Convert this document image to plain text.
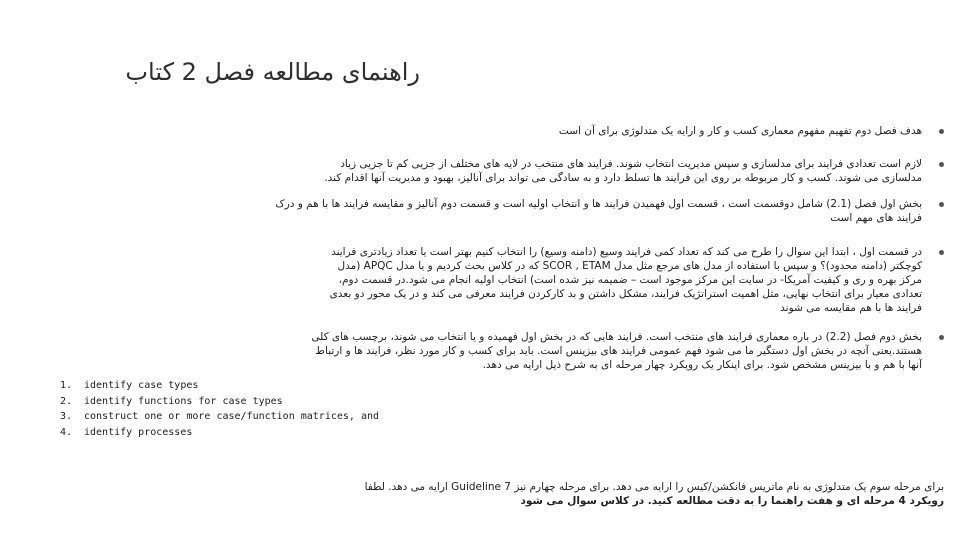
راهنمای مطالعه فصل 2 کتاب
هدف فصل دوم تفهیم مفهوم معماری کسب و کار و ارایه یک متدلوژی برای آن است
لازم است تعدادی فرایند برای مدلسازی و سپس مدیریت انتخاب شوند. فرایند های منتخب در لایه های مختلف از جزیی کم تا جزیی زیاد
مدلسازی می شوند. کسب و کار مربوطه بر روی این فرایند ها تسلط دارد و به سادگی می تواند برای آنالیز، بهبود و مدیریت آنها اقدام کند.
بخش اول فصل (2.1) شامل دوقسمت است ، قسمت اول فهمیدن فرایند ها و انتخاب اولیه است و قسمت دوم آنالیز و مقایسه فرایند ها با هم و درک
فرایند های مهم است
در قسمت اول ، ابتدا این سوال را طرح می کند که تعداد کمی فرایند وسیع (دامنه وسیع) را انتخاب کنیم بهتر است یا تعداد زیادتری فرایند
کوچکتر (دامنه محدود)؟ و سپس با استفاده از مدل های مرجع مثل مدل SCOR , ETAM که در کلاس بحث کردیم و یا مدل APQC (مدل
مرکز بهره و ری و کیفیت آمریکا- در سایت این مرکز موجود است – ضمیمه نیز شده است) انتخاب اولیه انجام می شود.در قسمت دوم،
تعدادی معیار برای انتخاب نهایی، مثل اهمیت استراتژیک فرایند، مشکل داشتن و بد کارکردن فرایند معرفی می کند و در یک محور دو بعدی
فرایند ها با هم مقایسه می شوند
بخش دوم فصل (2.2) در باره معماری فرایند های منتخب است. فرایند هایی که در بخش اول فهمیده و یا انتخاب می شوند، برچسب های کلی
هستند.یعنی آنچه در بخش اول دستگیر ما می شود فهم عمومی فرایند های بیزینس است. باید برای کسب و کار مورد نظر، فرایند ها و ارتباط
آنها با هم و با بیزینس مشخص شود. برای اینکار یک رویکرد چهار مرحله ای به شرح ذیل ارایه می دهد.
1. identify case types
2. identify functions for case types
3. construct one or more case/function matrices, and
4. identify processes
برای مرحله سوم یک متدلوژی به نام ماتریس فانکشن/کیس را ارایه می دهد. برای مرحله چهارم نیز 7 Guideline ارایه می دهد. لطفا
رویکرد 4 مرحله ای و هفت راهنما را به دقت مطالعه کنید. در کلاس سوال می شود
